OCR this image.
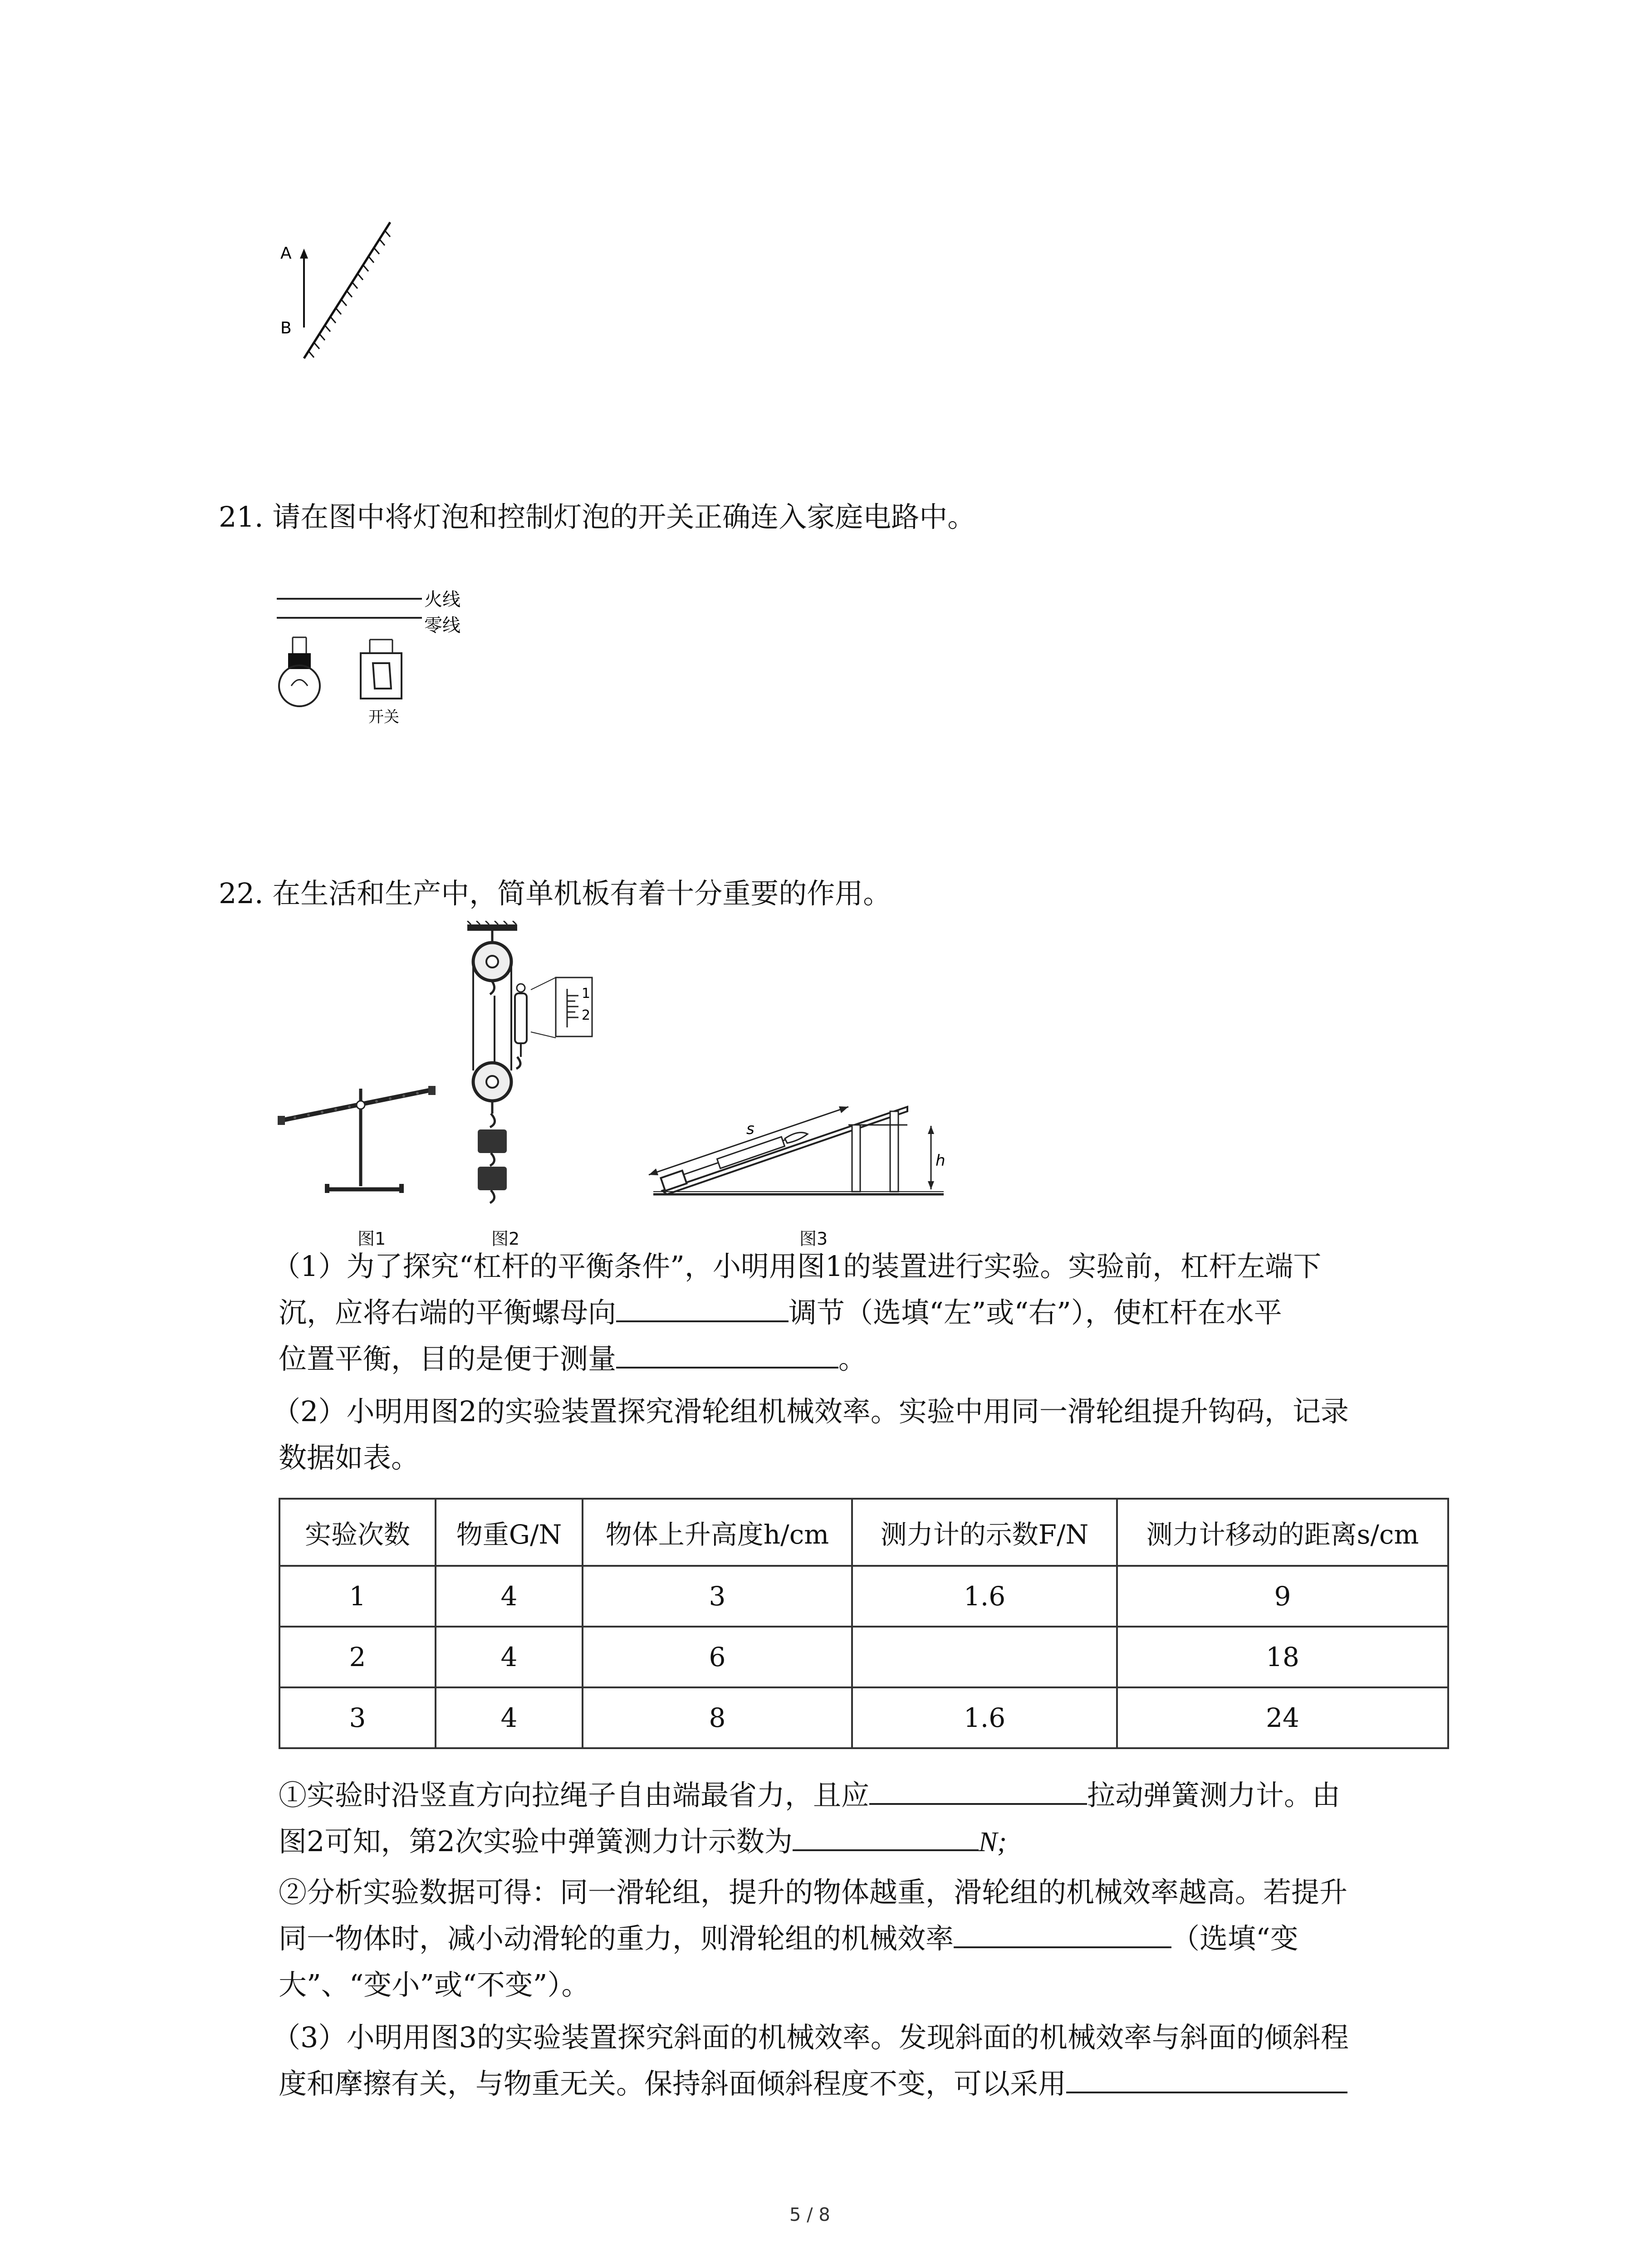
A
B
21. 请在图中将灯泡和控制灯泡的开关正确连入家庭电路中。
火线
零线
开关
22. 在生活和生产中，简单机板有着十分重要的作用。
1
2
h
s
图1	图2	图3
（1）为了探究“杠杆的平衡条件”，小明用图1的装置进行实验。实验前，杠杆左端下
沉，应将右端的平衡螺母向	调节（选填“左”或“右”），使杠杆在水平
位置平衡，目的是便于测量	。
（2）小明用图2的实验装置探究滑轮组机械效率。实验中用同一滑轮组提升钩码，记录
数据如表。
实验次数	物重G/N	物体上升高度h/cm	测力计的示数F/N	测力计移动的距离s/cm
1	4	3	1.6	9
2	4	6		18
3	4	8	1.6	24
①实验时沿竖直方向拉绳子自由端最省力，且应	拉动弹簧测力计。由
图2可知，第2次实验中弹簧测力计示数为	N;
②分析实验数据可得：同一滑轮组，提升的物体越重，滑轮组的机械效率越高。若提升
同一物体时，减小动滑轮的重力，则滑轮组的机械效率	（选填“变
大”、“变小”或“不变”）。
（3）小明用图3的实验装置探究斜面的机械效率。发现斜面的机械效率与斜面的倾斜程
度和摩擦有关，与物重无关。保持斜面倾斜程度不变，可以采用
5 / 8
